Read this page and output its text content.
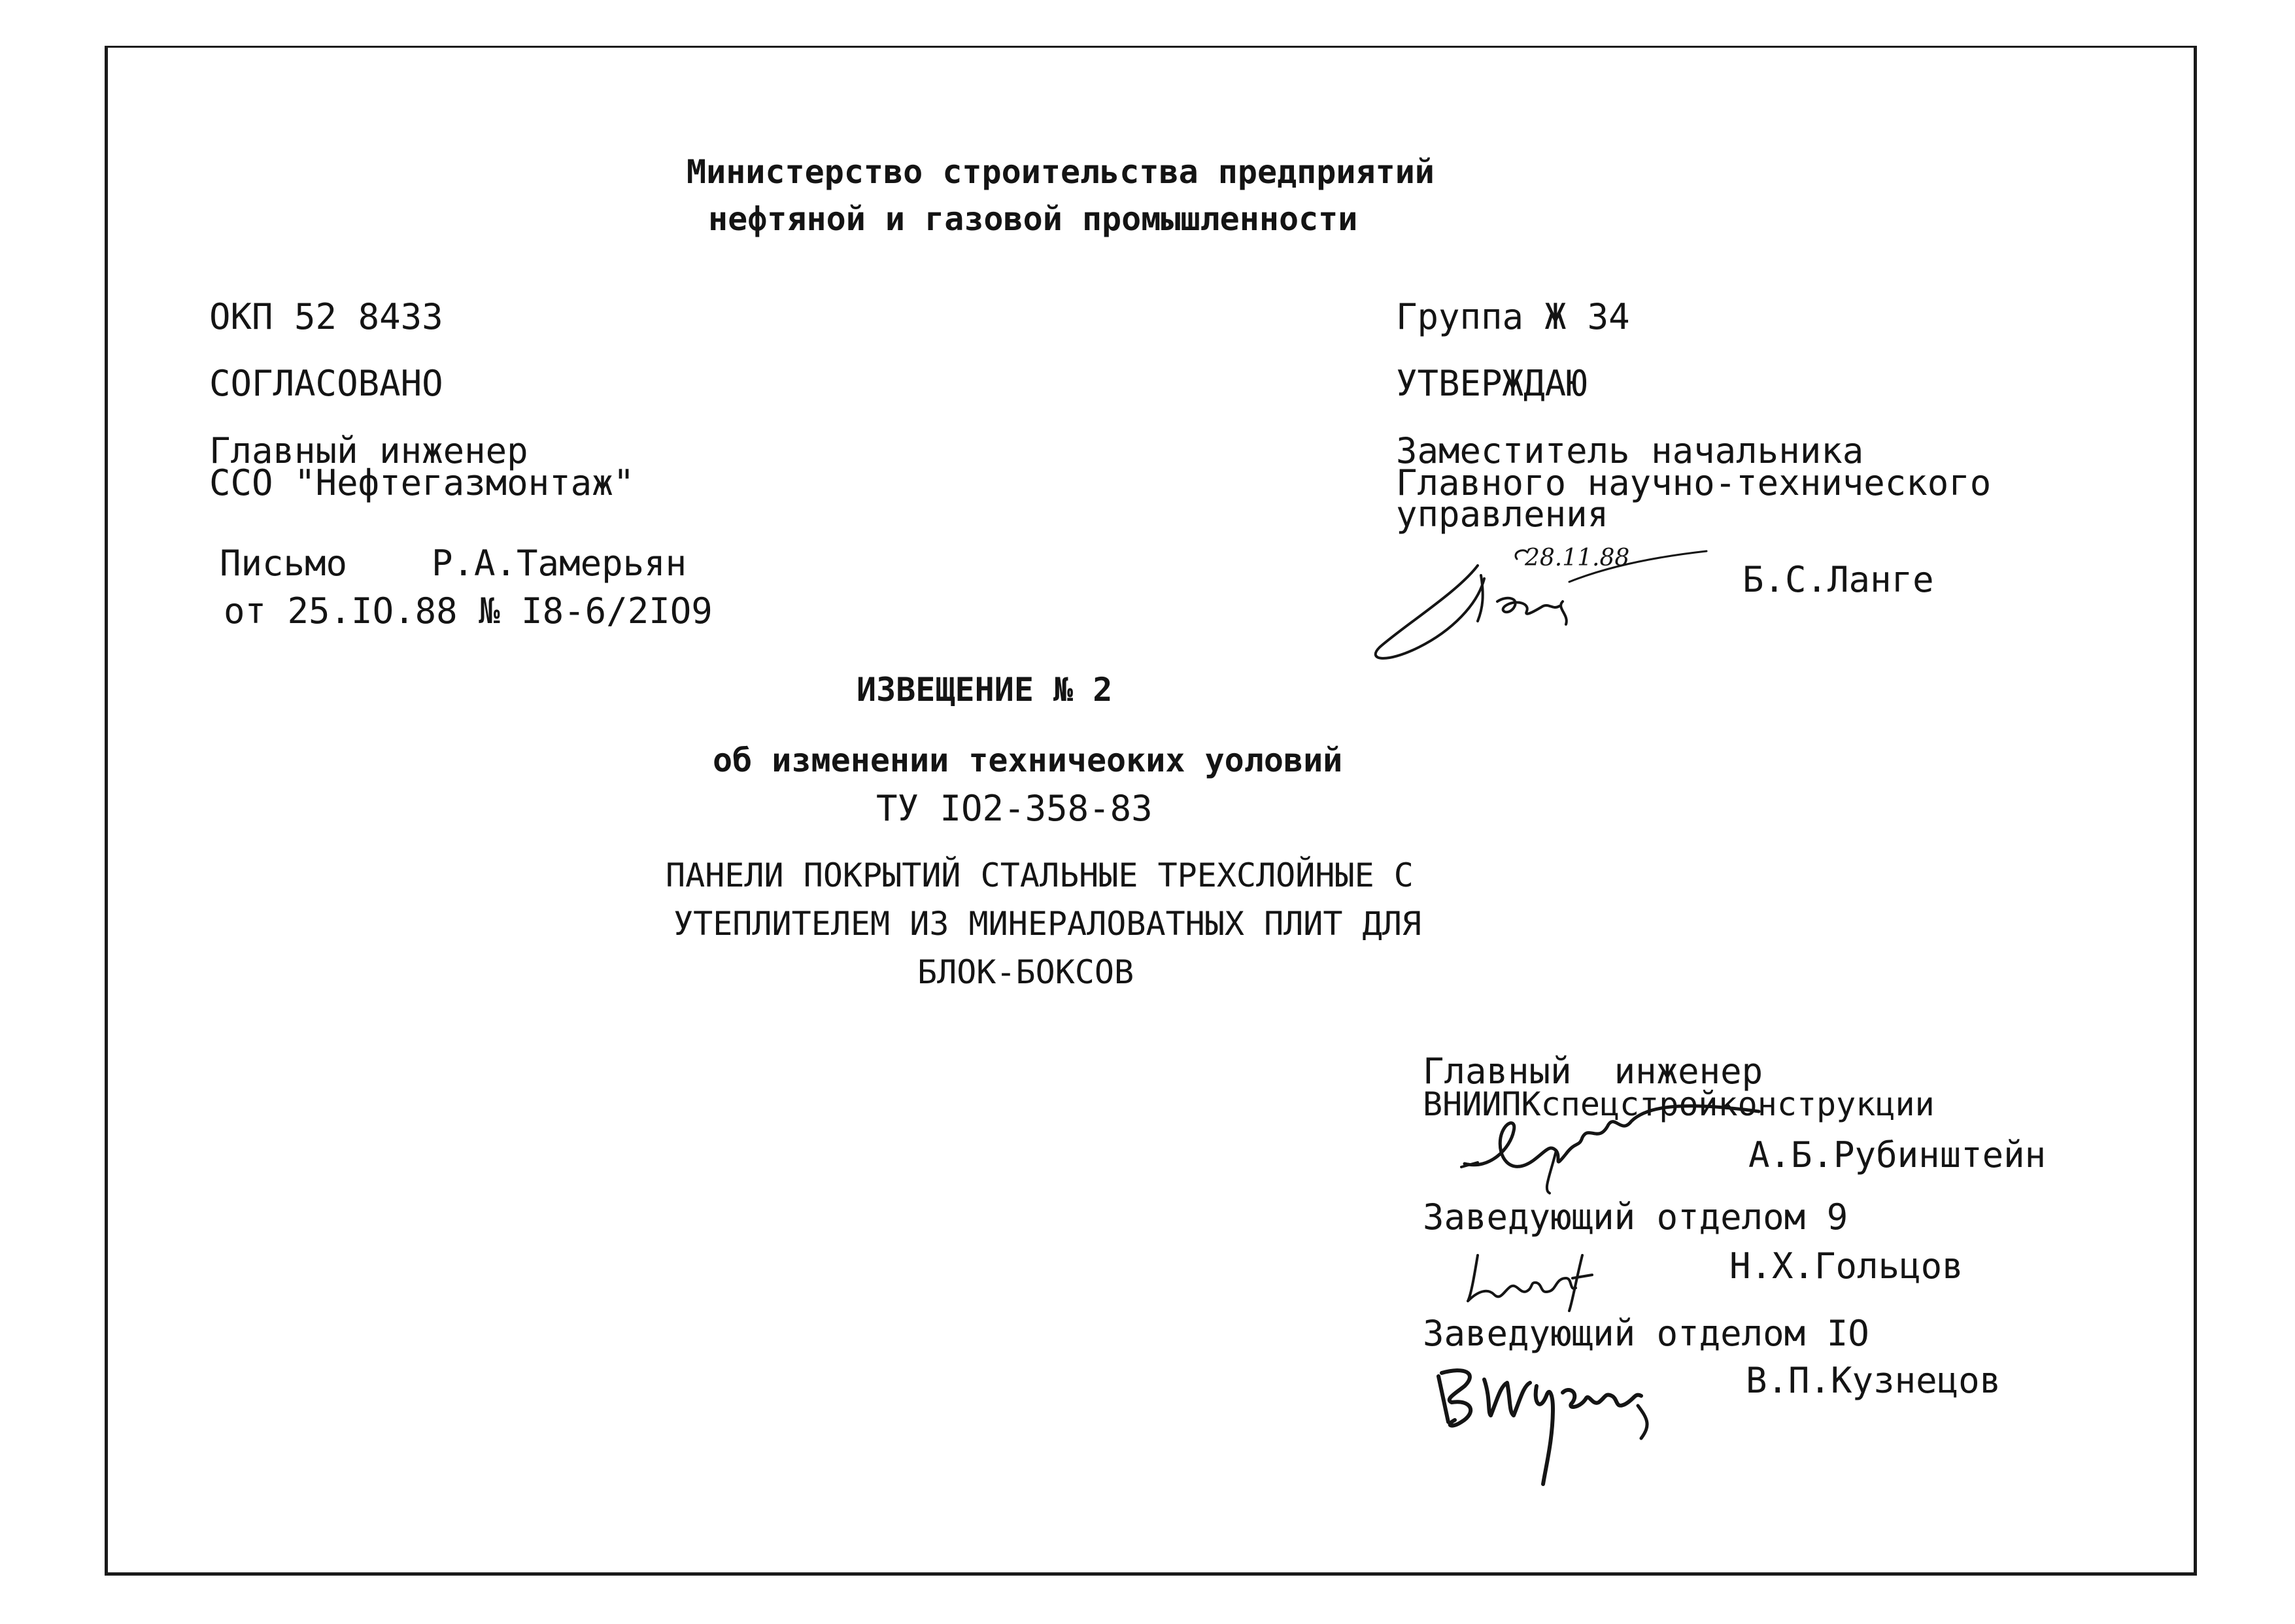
Министерство строительства предприятий
нефтяной и газовой промышленности
ОКП 52 8433
СОГЛАСОВАНО
Главный инженер
ССО "Нефтегазмонтаж"
Письмо Р.А.Тамерьян
от 25.IO.88 № I8-6/2IO9
Группа Ж 34
УТВЕРЖДАЮ
Заместитель начальника
Главного научно-технического
управления
Б.С.Ланге
28.11.88
ИЗВЕЩЕНИЕ № 2
об изменении техничеоких уоловий
ТУ IO2-358-83
ПАНЕЛИ ПОКРЫТИЙ СТАЛЬНЫЕ ТРЕХСЛОЙНЫЕ С
УТЕПЛИТЕЛЕМ ИЗ МИНЕРАЛОВАТНЫХ ПЛИТ ДЛЯ
БЛОК-БОКСОВ
Главный  инженер
ВНИИПКспецстройконструкции
А.Б.Рубинштейн
Заведующий отделом 9
Н.Х.Гольцов
Заведующий отделом IO
В.П.Кузнецов
